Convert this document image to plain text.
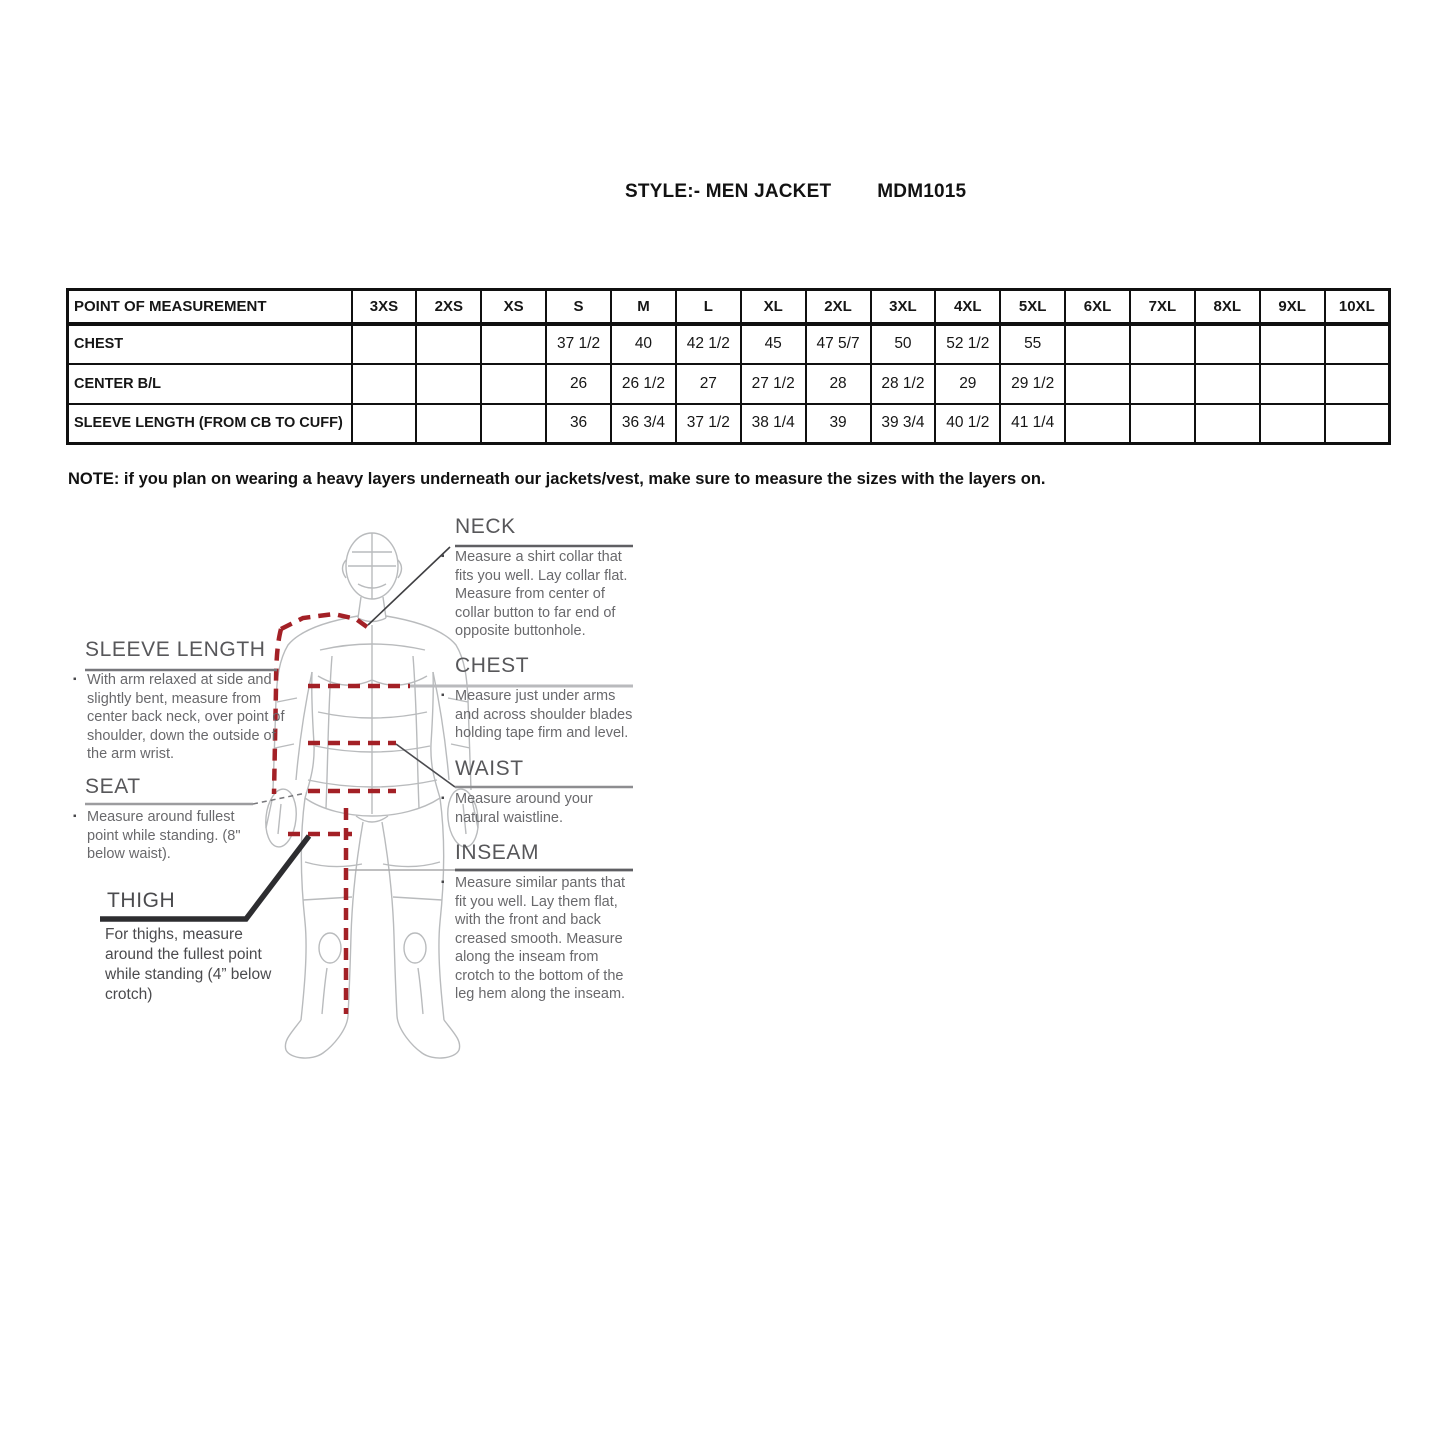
STYLE:- MEN JACKET MDM1015
POINT OF MEASUREMENT	3XS	2XS	XS	S	M	L	XL	2XL	3XL	4XL	5XL	6XL	7XL	8XL	9XL	10XL
CHEST				37 1/2	40	42 1/2	45	47 5/7	50	52 1/2	55					
CENTER B/L				26	26 1/2	27	27 1/2	28	28 1/2	29	29 1/2					
SLEEVE LENGTH (FROM CB TO CUFF)				36	36 3/4	37 1/2	38 1/4	39	39 3/4	40 1/2	41 1/4					
NOTE: if you plan on wearing a heavy layers underneath our jackets/vest, make sure to measure the sizes with the layers on.
NECK
▪ Measure a shirt collar that fits you well. Lay collar flat. Measure from center of collar button to far end of opposite buttonhole.
CHEST
▪ Measure just under arms and across shoulder blades holding tape firm and level.
WAIST
▪ Measure around your natural waistline.
INSEAM
▪ Measure similar pants that fit you well. Lay them flat, with the front and back creased smooth. Measure along the inseam from crotch to the bottom of the leg hem along the inseam.
SLEEVE LENGTH
▪ With arm relaxed at side and slightly bent, measure from center back neck, over point of shoulder, down the outside of the arm wrist.
SEAT
▪ Measure around fullest point while standing. (8" below waist).
THIGH
For thighs, measure around the fullest point while standing (4” below crotch)
